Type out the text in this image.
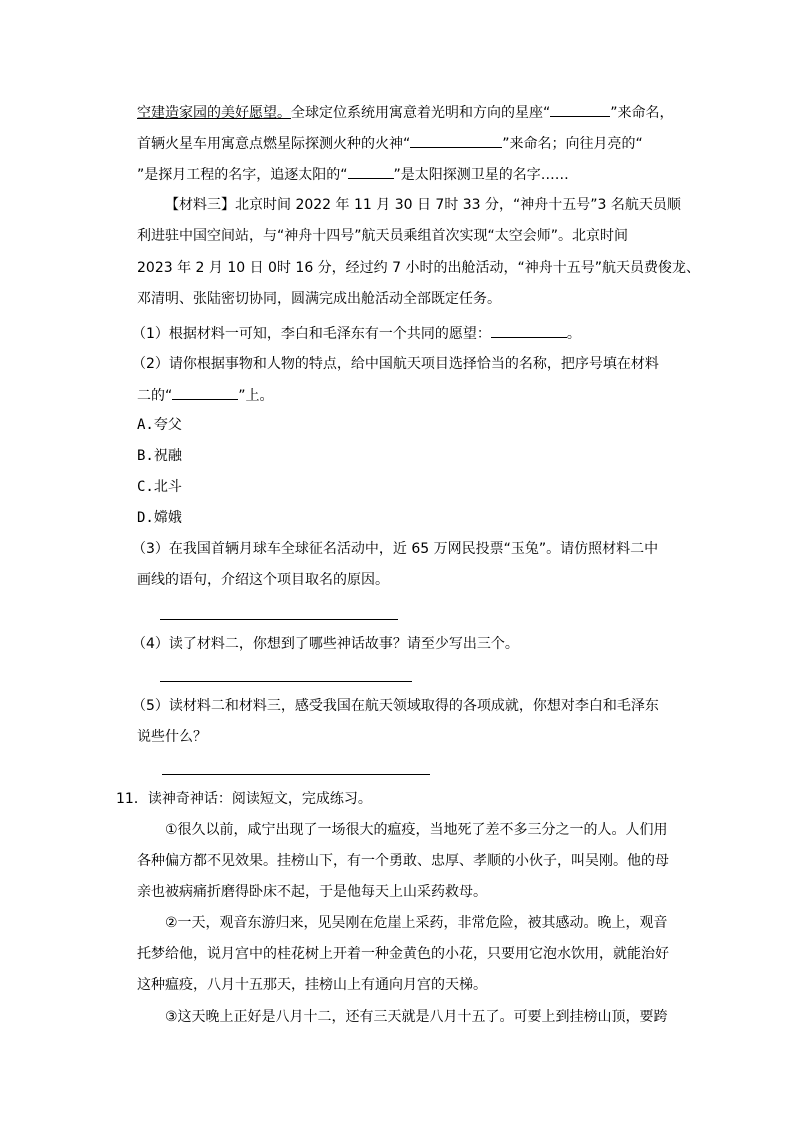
空建造家园的美好愿望。全球定位系统用寓意着光明和方向的星座“	”来命名，
首辆火星车用寓意点燃星际探测火种的火神“	”来命名；向往月亮的“
”是探月工程的名字，追逐太阳的“	”是太阳探测卫星的名字……
【材料三】北京时间 2022 年 11 月 30 日 7时 33 分，“神舟十五号”3 名航天员顺
利进驻中国空间站，与“神舟十四号”航天员乘组首次实现“太空会师”。北京时间
2023 年 2 月 10 日 0时 16 分，经过约 7 小时的出舱活动，“神舟十五号”航天员费俊龙、
邓清明、张陆密切协同，圆满完成出舱活动全部既定任务。
（1）根据材料一可知，李白和毛泽东有一个共同的愿望：	。
（2）请你根据事物和人物的特点，给中国航天项目选择恰当的名称，把序号填在材料
二的“	”上。
A.夸父
B.祝融
C.北斗
D.嫦娥
（3）在我国首辆月球车全球征名活动中，近 65 万网民投票“玉兔”。请仿照材料二中
画线的语句，介绍这个项目取名的原因。
（4）读了材料二，你想到了哪些神话故事？请至少写出三个。
（5）读材料二和材料三，感受我国在航天领域取得的各项成就，你想对李白和毛泽东
说些什么？
11．读神奇神话：阅读短文，完成练习。
①很久以前，咸宁出现了一场很大的瘟疫，当地死了差不多三分之一的人。人们用
各种偏方都不见效果。挂榜山下，有一个勇敢、忠厚、孝顺的小伙子，叫吴刚。他的母
亲也被病痛折磨得卧床不起，于是他每天上山采药救母。
②一天，观音东游归来，见吴刚在危崖上采药，非常危险，被其感动。晚上，观音
托梦给他，说月宫中的桂花树上开着一种金黄色的小花，只要用它泡水饮用，就能治好
这种瘟疫，八月十五那天，挂榜山上有通向月宫的天梯。
③这天晚上正好是八月十二，还有三天就是八月十五了。可要上到挂榜山顶，要跨
